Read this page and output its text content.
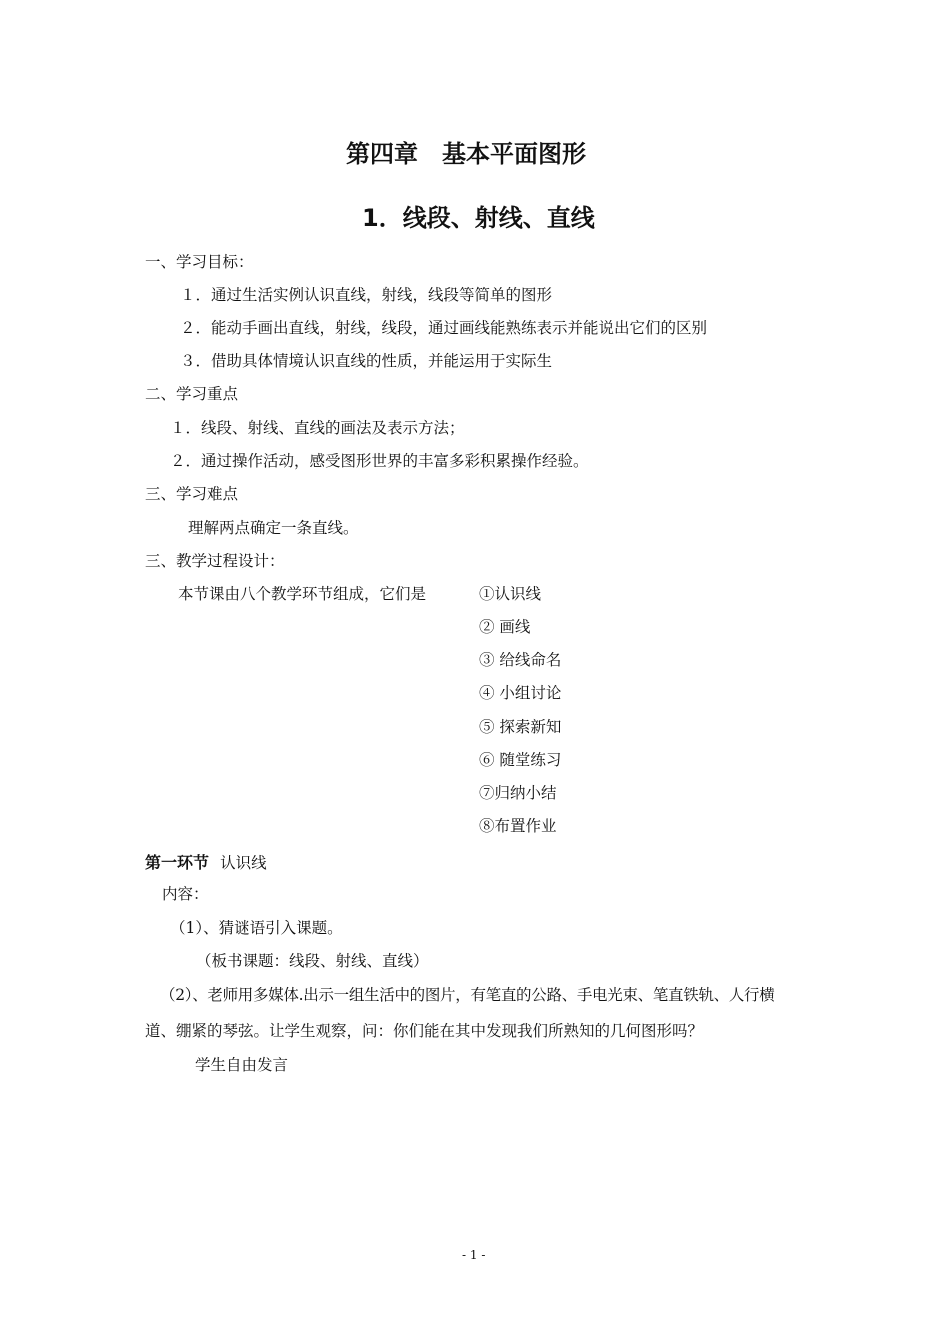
第四章　基本平面图形
1．线段、射线、直线
一、学习目标：
１．通过生活实例认识直线，射线，线段等简单的图形
２．能动手画出直线，射线，线段，通过画线能熟练表示并能说出它们的区别
３．借助具体情境认识直线的性质，并能运用于实际生
二、学习重点
１．线段、射线、直线的画法及表示方法；
２．通过操作活动，感受图形世界的丰富多彩积累操作经验。
三、学习难点
理解两点确定一条直线。
三、教学过程设计：
本节课由八个教学环节组成，它们是	①认识线
② 画线
③ 给线命名
④ 小组讨论
⑤ 探索新知
⑥ 随堂练习
⑦归纳小结
⑧布置作业
第一环节 认识线
内容：
（1）、猜谜语引入课题。
（板书课题：线段、射线、直线）
（2）、老师用多媒体.出示一组生活中的图片，有笔直的公路、手电光束、笔直铁轨、人行横
道、绷紧的琴弦。让学生观察，问：你们能在其中发现我们所熟知的几何图形吗？
学生自由发言
- 1 -
